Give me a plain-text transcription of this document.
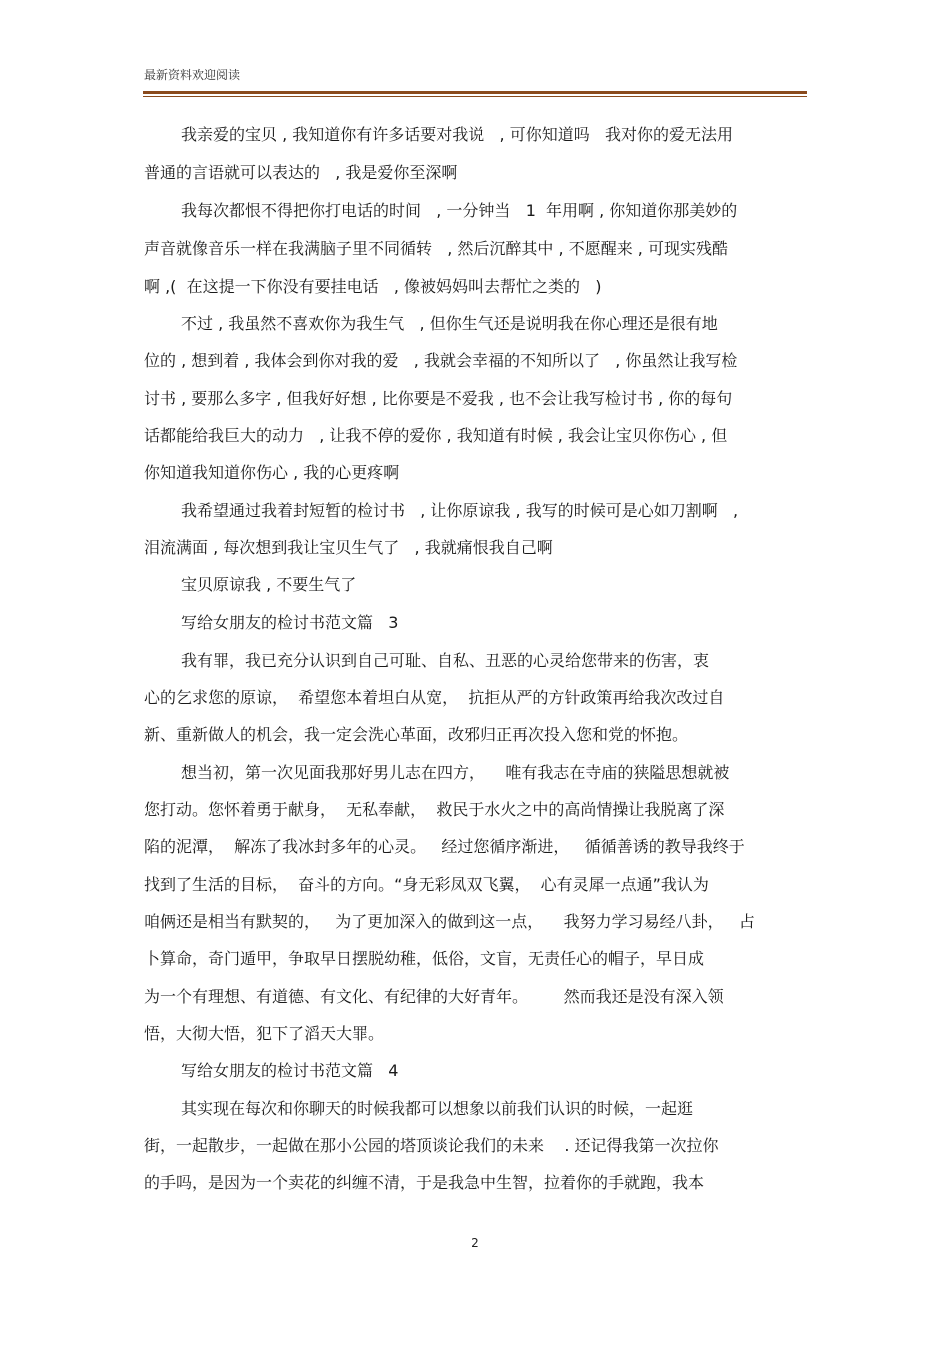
最新资料欢迎阅读
我亲爱的宝贝 , 我知道你有许多话要对我说   , 可你知道吗   我对你的爱无法用
普通的言语就可以表达的   , 我是爱你至深啊
我每次都恨不得把你打电话的时间   , 一分钟当   1  年用啊 , 你知道你那美妙的
声音就像音乐一样在我满脑子里不同循转   , 然后沉醉其中 , 不愿醒来 , 可现实残酷
啊 ,(  在这提一下你没有要挂电话   , 像被妈妈叫去帮忙之类的   )
不过 , 我虽然不喜欢你为我生气   , 但你生气还是说明我在你心理还是很有地
位的 , 想到着 , 我体会到你对我的爱   , 我就会幸福的不知所以了   , 你虽然让我写检
讨书 , 要那么多字 , 但我好好想 , 比你要是不爱我 , 也不会让我写检讨书 , 你的每句
话都能给我巨大的动力   , 让我不停的爱你 , 我知道有时候 , 我会让宝贝你伤心 , 但
你知道我知道你伤心 , 我的心更疼啊
我希望通过我着封短暂的检讨书   , 让你原谅我 , 我写的时候可是心如刀割啊   ,
泪流满面 , 每次想到我让宝贝生气了   , 我就痛恨我自己啊
宝贝原谅我 , 不要生气了
写给女朋友的检讨书范文篇   3
我有罪，我已充分认识到自己可耻、自私、丑恶的心灵给您带来的伤害，衷
心的乞求您的原谅，  希望您本着坦白从宽，  抗拒从严的方针政策再给我次改过自
新、重新做人的机会，我一定会洗心革面，改邪归正再次投入您和党的怀抱。
想当初，第一次见面我那好男儿志在四方，    唯有我志在寺庙的狭隘思想就被
您打动。您怀着勇于献身，  无私奉献，  救民于水火之中的高尚情操让我脱离了深
陷的泥潭，  解冻了我冰封多年的心灵。   经过您循序渐进，   循循善诱的教导我终于
找到了生活的目标，  奋斗的方向。“身无彩凤双飞翼，  心有灵犀一点通”我认为
咱俩还是相当有默契的，   为了更加深入的做到这一点，    我努力学习易经八卦，   占
卜算命，奇门遁甲，争取早日摆脱幼稚，低俗，文盲，无责任心的帽子，早日成
为一个有理想、有道德、有文化、有纪律的大好青年。       然而我还是没有深入领
悟，大彻大悟，犯下了滔天大罪。
写给女朋友的检讨书范文篇   4
其实现在每次和你聊天的时候我都可以想象以前我们认识的时候，一起逛
街，一起散步，一起做在那小公园的塔顶谈论我们的未来    . 还记得我第一次拉你
的手吗，是因为一个卖花的纠缠不清，于是我急中生智，拉着你的手就跑，我本
2
